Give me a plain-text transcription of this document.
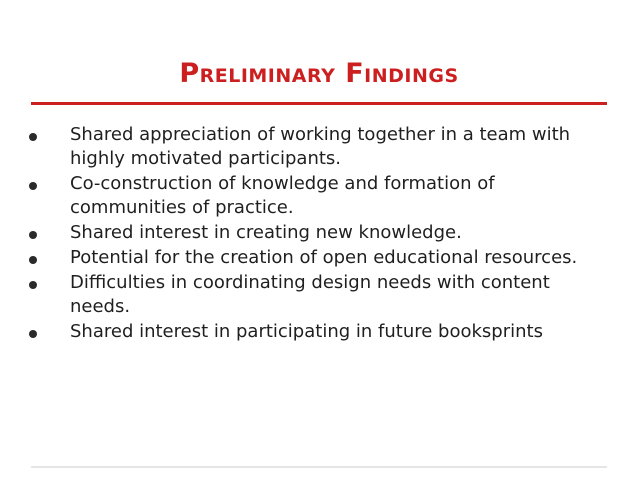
Preliminary Findings
Shared appreciation of working together in a team with highly motivated participants.
Co-construction of knowledge and formation of communities of practice.
Shared interest in creating new knowledge.
Potential for the creation of open educational resources.
Difficulties in coordinating design needs with content needs.
Shared interest in participating in future booksprints
